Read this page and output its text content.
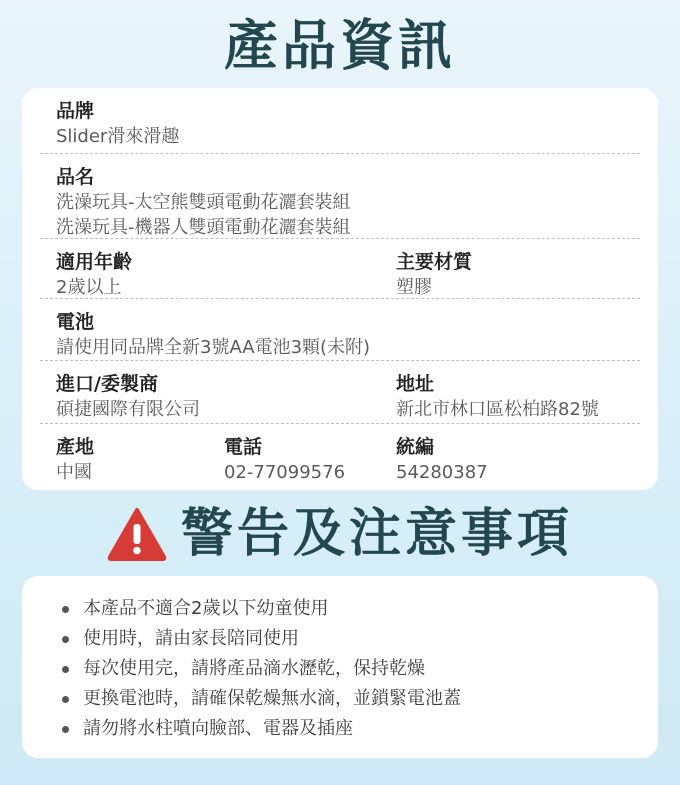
產品資訊
品牌
Slider滑來滑趣
品名
洗澡玩具-太空熊雙頭電動花灑套裝組
洗澡玩具-機器人雙頭電動花灑套裝組
適用年齡
2歲以上
主要材質
塑膠
電池
請使用同品牌全新3號AA電池3顆(未附)
進口/委製商
碩捷國際有限公司
地址
新北市林口區松柏路82號
產地
中國
電話
02-77099576
統編
54280387
警告及注意事項
本產品不適合2歲以下幼童使用
使用時，請由家長陪同使用
每次使用完，請將產品滴水瀝乾，保持乾燥
更換電池時，請確保乾燥無水滴，並鎖緊電池蓋
請勿將水柱噴向臉部、電器及插座
